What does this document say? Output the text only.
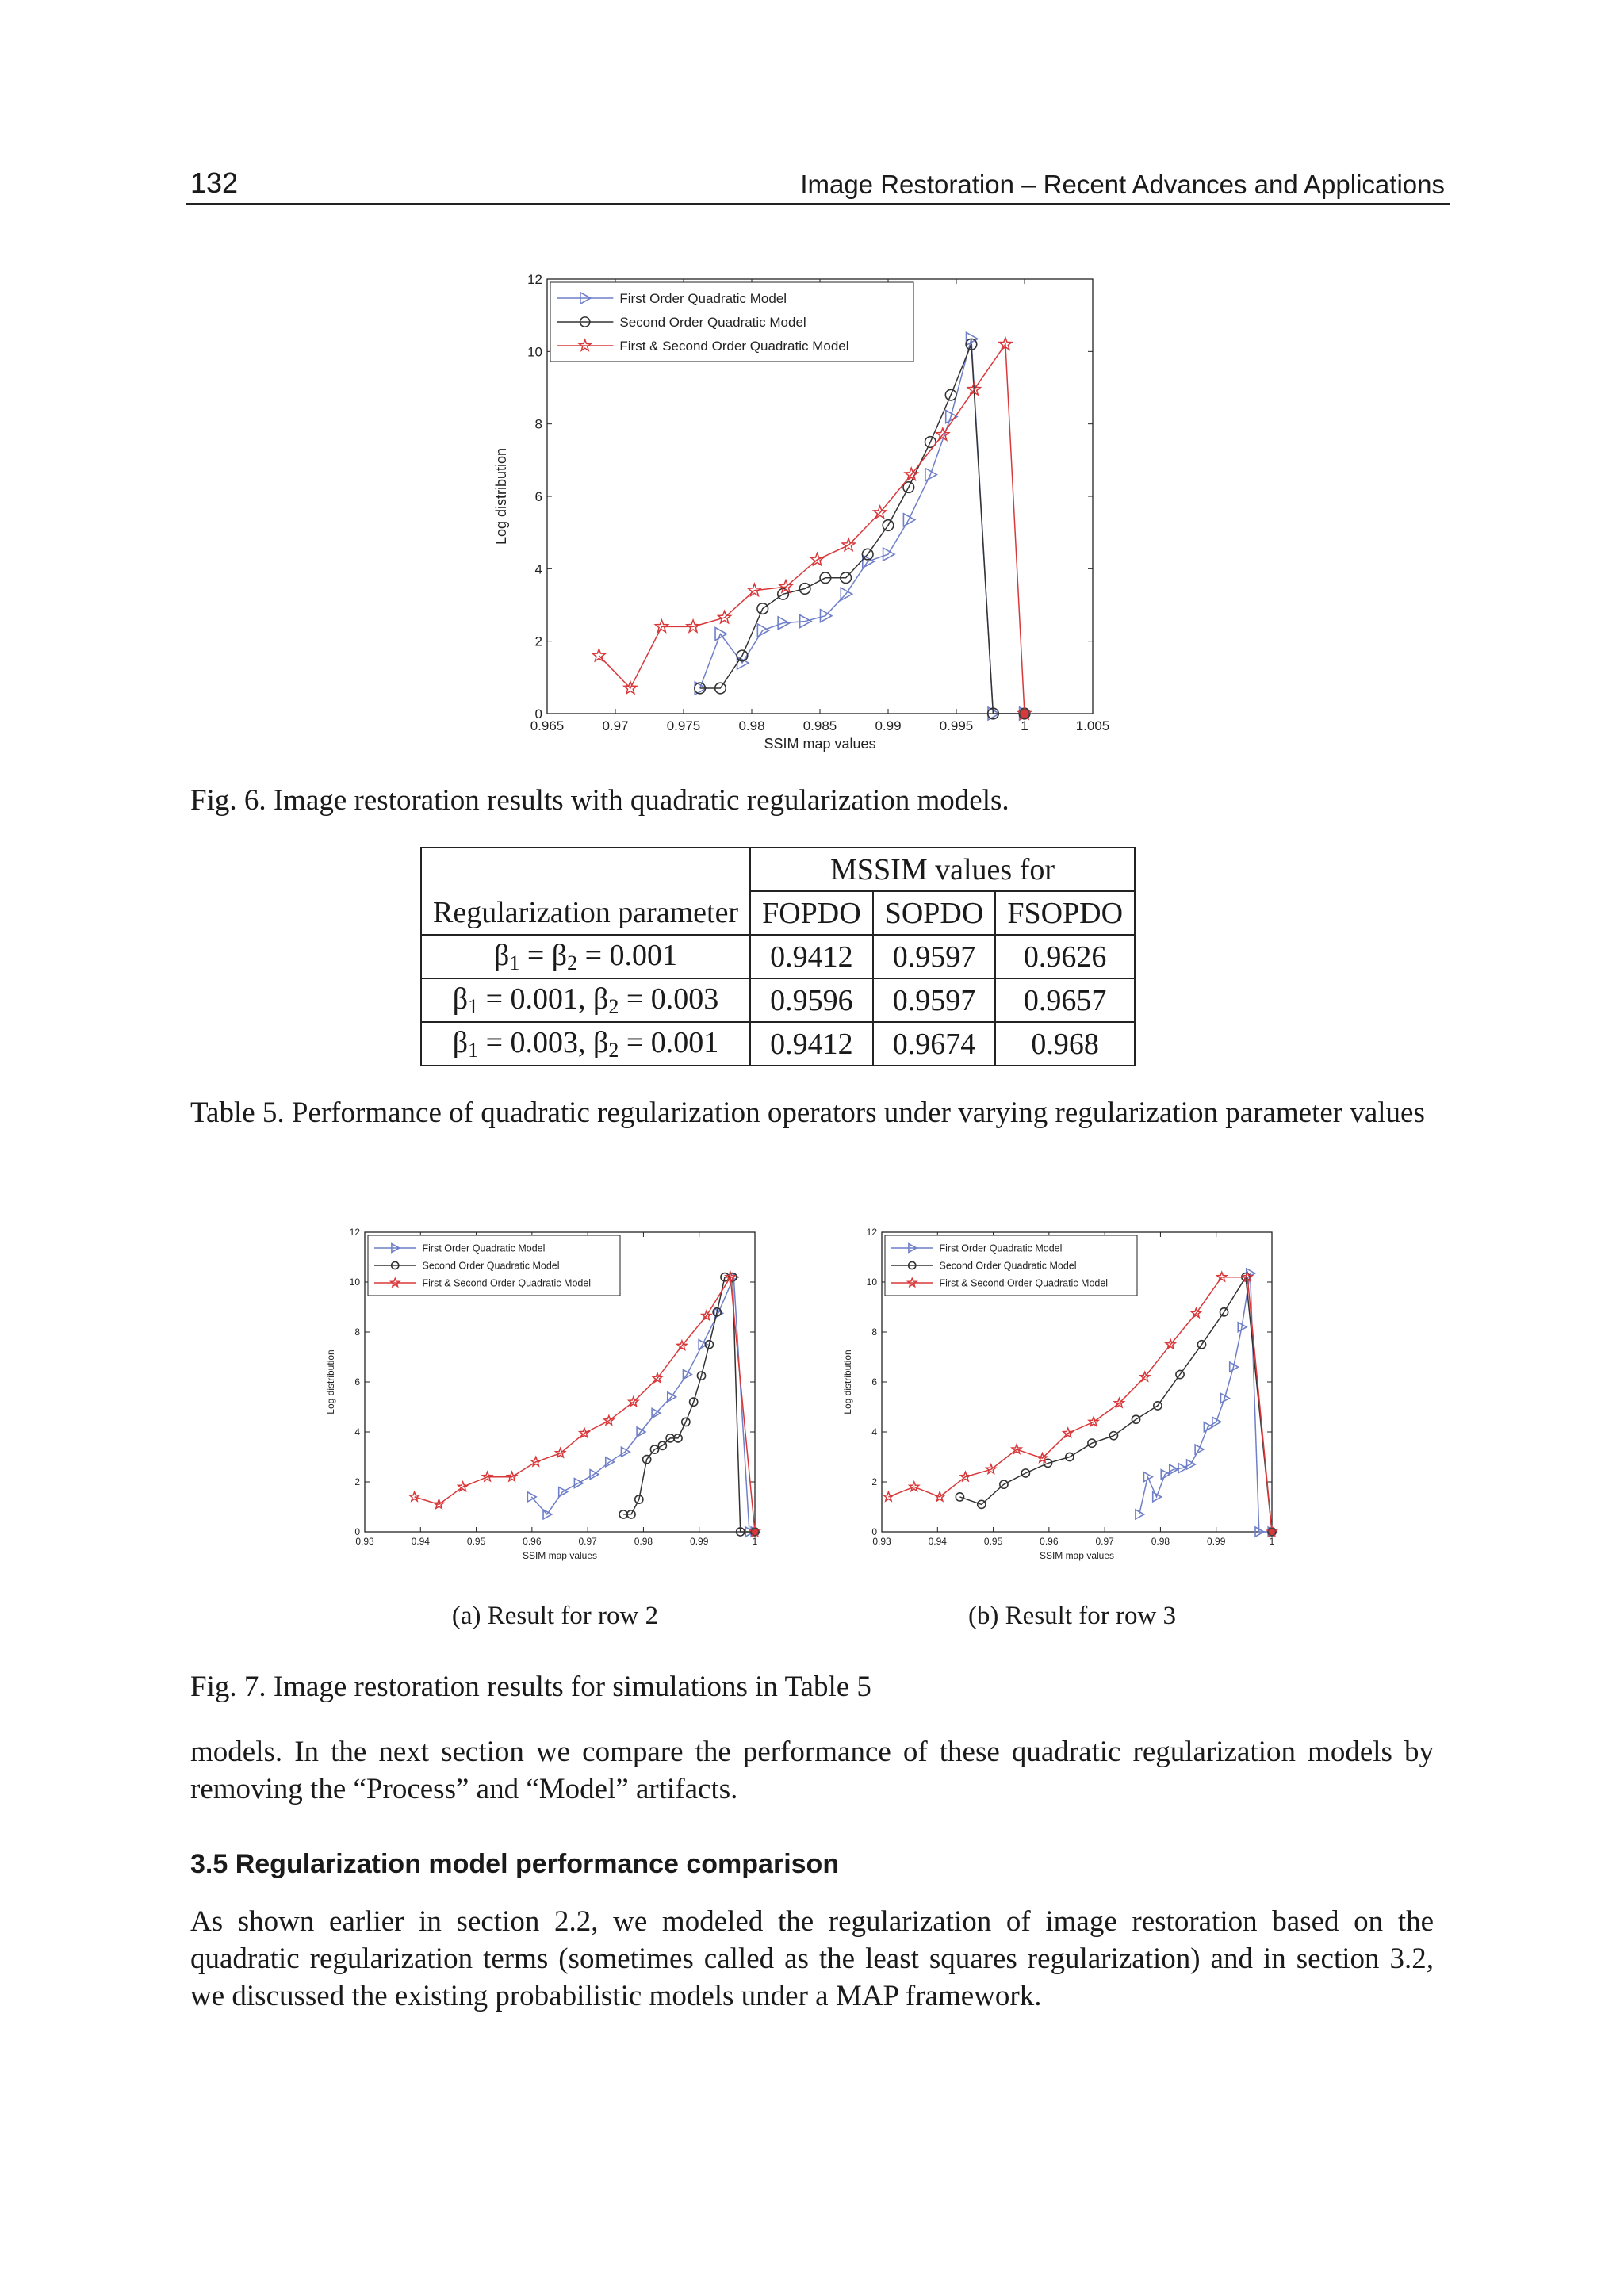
132	Image Restoration – Recent Advances and Applications
0.965	0.97	0.975	0.98	0.985	0.99	0.995	1	1.005
0
2
4
6
8
10
12
SSIM map values
Log distribution
First Order Quadratic Model
Second Order Quadratic Model
First & Second Order Quadratic Model
Fig. 6. Image restoration results with quadratic regularization models.
	MSSIM values for		
Regularization parameter	FOPDO	SOPDO	FSOPDO
$\beta_1 = \beta_2 = 0.001$	0.9412	0.9597	0.9626
$\beta_1 = 0.001$, $\beta_2 = 0.003$	0.9596	0.9597	0.9657
$\beta_1 = 0.003$, $\beta_2 = 0.001$	0.9412	0.9674	0.968
Table 5. Performance of quadratic regularization operators under varying regularization parameter values
0.93	0.94	0.95	0.96	0.97	0.98	0.99	1
0
2
4
6
8
10
12
SSIM map values
Log distribution
First Order Quadratic Model
Second Order Quadratic Model
First & Second Order Quadratic Model
0.93	0.94	0.95	0.96	0.97	0.98	0.99	1
0
2
4
6
8
10
12
SSIM map values
Log distribution
First Order Quadratic Model
Second Order Quadratic Model
First & Second Order Quadratic Model
(a) Result for row 2	(b) Result for row 3
Fig. 7. Image restoration results for simulations in Table 5

models. In the next section we compare the performance of these quadratic regularization models by removing the “Process” and “Model” artifacts.

3.5 Regularization model performance comparison

As shown earlier in section 2.2, we modeled the regularization of image restoration based on the quadratic regularization terms (sometimes called as the least squares regularization) and in section 3.2, we discussed the existing probabilistic models under a MAP framework.
